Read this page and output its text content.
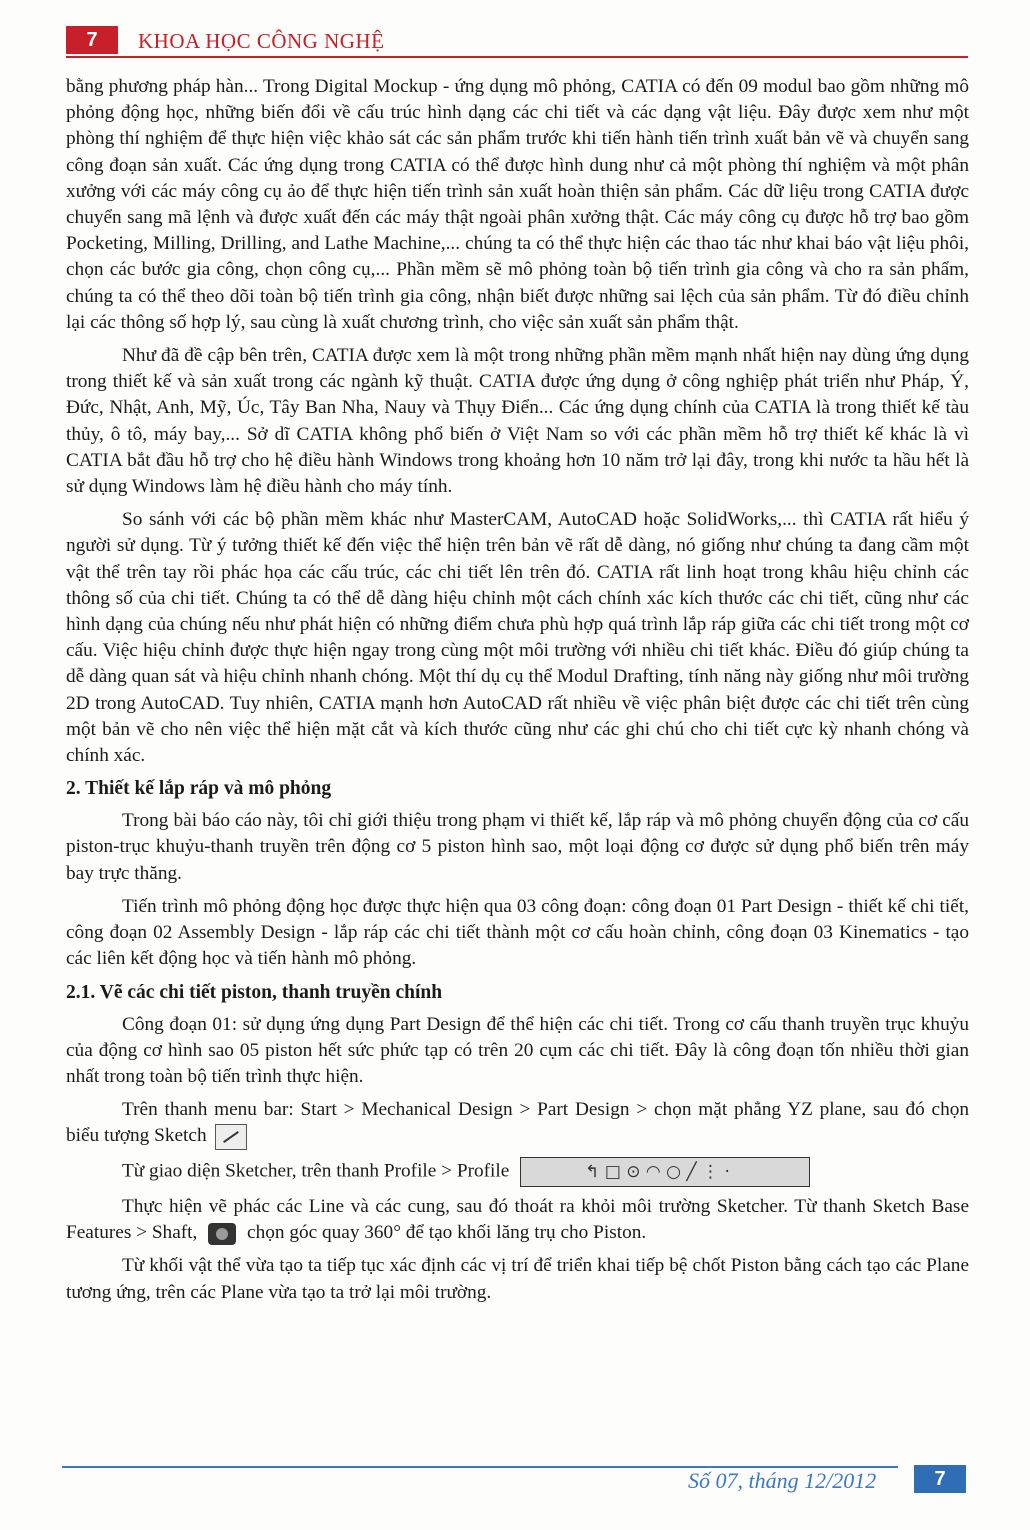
7	KHOA HỌC CÔNG NGHỆ

bằng phương pháp hàn... Trong Digital Mockup - ứng dụng mô phỏng, CATIA có đến 09 modul bao gồm những mô phỏng động học, những biến đổi về cấu trúc hình dạng các chi tiết và các dạng vật liệu. Đây được xem như một phòng thí nghiệm để thực hiện việc khảo sát các sản phẩm trước khi tiến hành tiến trình xuất bản vẽ và chuyển sang công đoạn sản xuất. Các ứng dụng trong CATIA có thể được hình dung như cả một phòng thí nghiệm và một phân xưởng với các máy công cụ ảo để thực hiện tiến trình sản xuất hoàn thiện sản phẩm. Các dữ liệu trong CATIA được chuyển sang mã lệnh và được xuất đến các máy thật ngoài phân xưởng thật. Các máy công cụ được hỗ trợ bao gồm Pocketing, Milling, Drilling, and Lathe Machine,... chúng ta có thể thực hiện các thao tác như khai báo vật liệu phôi, chọn các bước gia công, chọn công cụ,... Phần mềm sẽ mô phỏng toàn bộ tiến trình gia công và cho ra sản phẩm, chúng ta có thể theo dõi toàn bộ tiến trình gia công, nhận biết được những sai lệch của sản phẩm. Từ đó điều chỉnh lại các thông số hợp lý, sau cùng là xuất chương trình, cho việc sản xuất sản phẩm thật.

Như đã đề cập bên trên, CATIA được xem là một trong những phần mềm mạnh nhất hiện nay dùng ứng dụng trong thiết kế và sản xuất trong các ngành kỹ thuật. CATIA được ứng dụng ở công nghiệp phát triển như Pháp, Ý, Đức, Nhật, Anh, Mỹ, Úc, Tây Ban Nha, Nauy và Thụy Điển... Các ứng dụng chính của CATIA là trong thiết kế tàu thủy, ô tô, máy bay,... Sở dĩ CATIA không phổ biến ở Việt Nam so với các phần mềm hỗ trợ thiết kế khác là vì CATIA bắt đầu hỗ trợ cho hệ điều hành Windows trong khoảng hơn 10 năm trở lại đây, trong khi nước ta hầu hết là sử dụng Windows làm hệ điều hành cho máy tính.

So sánh với các bộ phần mềm khác như MasterCAM, AutoCAD hoặc SolidWorks,... thì CATIA rất hiểu ý người sử dụng. Từ ý tưởng thiết kế đến việc thể hiện trên bản vẽ rất dễ dàng, nó giống như chúng ta đang cầm một vật thể trên tay rồi phác họa các cấu trúc, các chi tiết lên trên đó. CATIA rất linh hoạt trong khâu hiệu chỉnh các thông số của chi tiết. Chúng ta có thể dễ dàng hiệu chỉnh một cách chính xác kích thước các chi tiết, cũng như các hình dạng của chúng nếu như phát hiện có những điểm chưa phù hợp quá trình lắp ráp giữa các chi tiết trong một cơ cấu. Việc hiệu chỉnh được thực hiện ngay trong cùng một môi trường với nhiều chi tiết khác. Điều đó giúp chúng ta dễ dàng quan sát và hiệu chỉnh nhanh chóng. Một thí dụ cụ thể Modul Drafting, tính năng này giống như môi trường 2D trong AutoCAD. Tuy nhiên, CATIA mạnh hơn AutoCAD rất nhiều về việc phân biệt được các chi tiết trên cùng một bản vẽ cho nên việc thể hiện mặt cắt và kích thước cũng như các ghi chú cho chi tiết cực kỳ nhanh chóng và chính xác.

2. Thiết kế lắp ráp và mô phỏng

Trong bài báo cáo này, tôi chỉ giới thiệu trong phạm vi thiết kế, lắp ráp và mô phỏng chuyển động của cơ cấu piston-trục khuỷu-thanh truyền trên động cơ 5 piston hình sao, một loại động cơ được sử dụng phổ biến trên máy bay trực thăng.

Tiến trình mô phỏng động học được thực hiện qua 03 công đoạn: công đoạn 01 Part Design - thiết kế chi tiết, công đoạn 02 Assembly Design - lắp ráp các chi tiết thành một cơ cấu hoàn chỉnh, công đoạn 03 Kinematics - tạo các liên kết động học và tiến hành mô phỏng.

2.1. Vẽ các chi tiết piston, thanh truyền chính

Công đoạn 01: sử dụng ứng dụng Part Design để thể hiện các chi tiết. Trong cơ cấu thanh truyền trục khuỷu của động cơ hình sao 05 piston hết sức phức tạp có trên 20 cụm các chi tiết. Đây là công đoạn tốn nhiều thời gian nhất trong toàn bộ tiến trình thực hiện.

Trên thanh menu bar: Start > Mechanical Design > Part Design > chọn mặt phẳng YZ plane, sau đó chọn biểu tượng Sketch

Từ giao diện Sketcher, trên thanh Profile > Profile	↰ □ ⊙ ◠ ○ ╱ ⋮ ·

Thực hiện vẽ phác các Line và các cung, sau đó thoát ra khỏi môi trường Sketcher. Từ thanh Sketch Base Features > Shaft,	chọn góc quay 360° để tạo khối lăng trụ cho Piston.

Từ khối vật thể vừa tạo ta tiếp tục xác định các vị trí để triển khai tiếp bệ chốt Piston bằng cách tạo các Plane tương ứng, trên các Plane vừa tạo ta trở lại môi trường.

Số 07, tháng 12/2012	7
